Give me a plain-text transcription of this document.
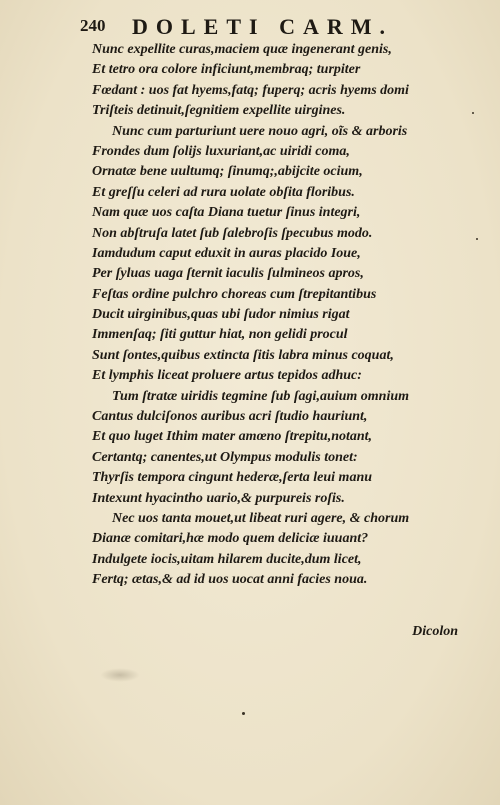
240 DOLETI CARM.
Nunc expellite curas,maciem quæ ingenerant genis,
Et tetro ora colore inficiunt,membraq; turpiter
Fœdant : uos fat hyems,fatq; fuperq; acris hyems domi
Triſteis detinuit,ſegnitiem expellite uirgines.
Nunc cum parturiunt uere nouo agri, oĩs & arboris
Frondes dum ſolijs luxuriant,ac uiridi coma,
Ornatæ bene uultumq; ſinumq;,abijcite ocium,
Et greſſu celeri ad rura uolate obſita floribus.
Nam quæ uos caſta Diana tuetur ſinus integri,
Non abſtruſa latet ſub ſalebroſis ſpecubus modo.
Iamdudum caput eduxit in auras placido Ioue,
Per ſyluas uaga ſternit iaculis ſulmineos apros,
Feſtas ordine pulchro choreas cum ſtrepitantibus
Ducit uirginibus,quas ubi ſudor nimius rigat
Immenſaq; ſiti guttur hiat, non gelidi procul
Sunt ſontes,quibus extincta ſitis labra minus coquat,
Et lymphis liceat proluere artus tepidos adhuc:
Tum ſtratæ uiridis tegmine ſub ſagi,auium omnium
Cantus dulciſonos auribus acri ſtudio hauriunt,
Et quo luget Ithim mater amœno ſtrepitu,notant,
Certantq; canentes,ut Olympus modulis tonet:
Thyrſis tempora cingunt hederæ,ſerta leui manu
Intexunt hyacintho uario,& purpureis roſis.
Nec uos tanta mouet,ut libeat ruri agere, & chorum
Dianæ comitari,hæ modo quem deliciæ iuuant?
Indulgete iocis,uitam hilarem ducite,dum licet,
Fertq; ætas,& ad id uos uocat anni facies noua.
Dicolon
